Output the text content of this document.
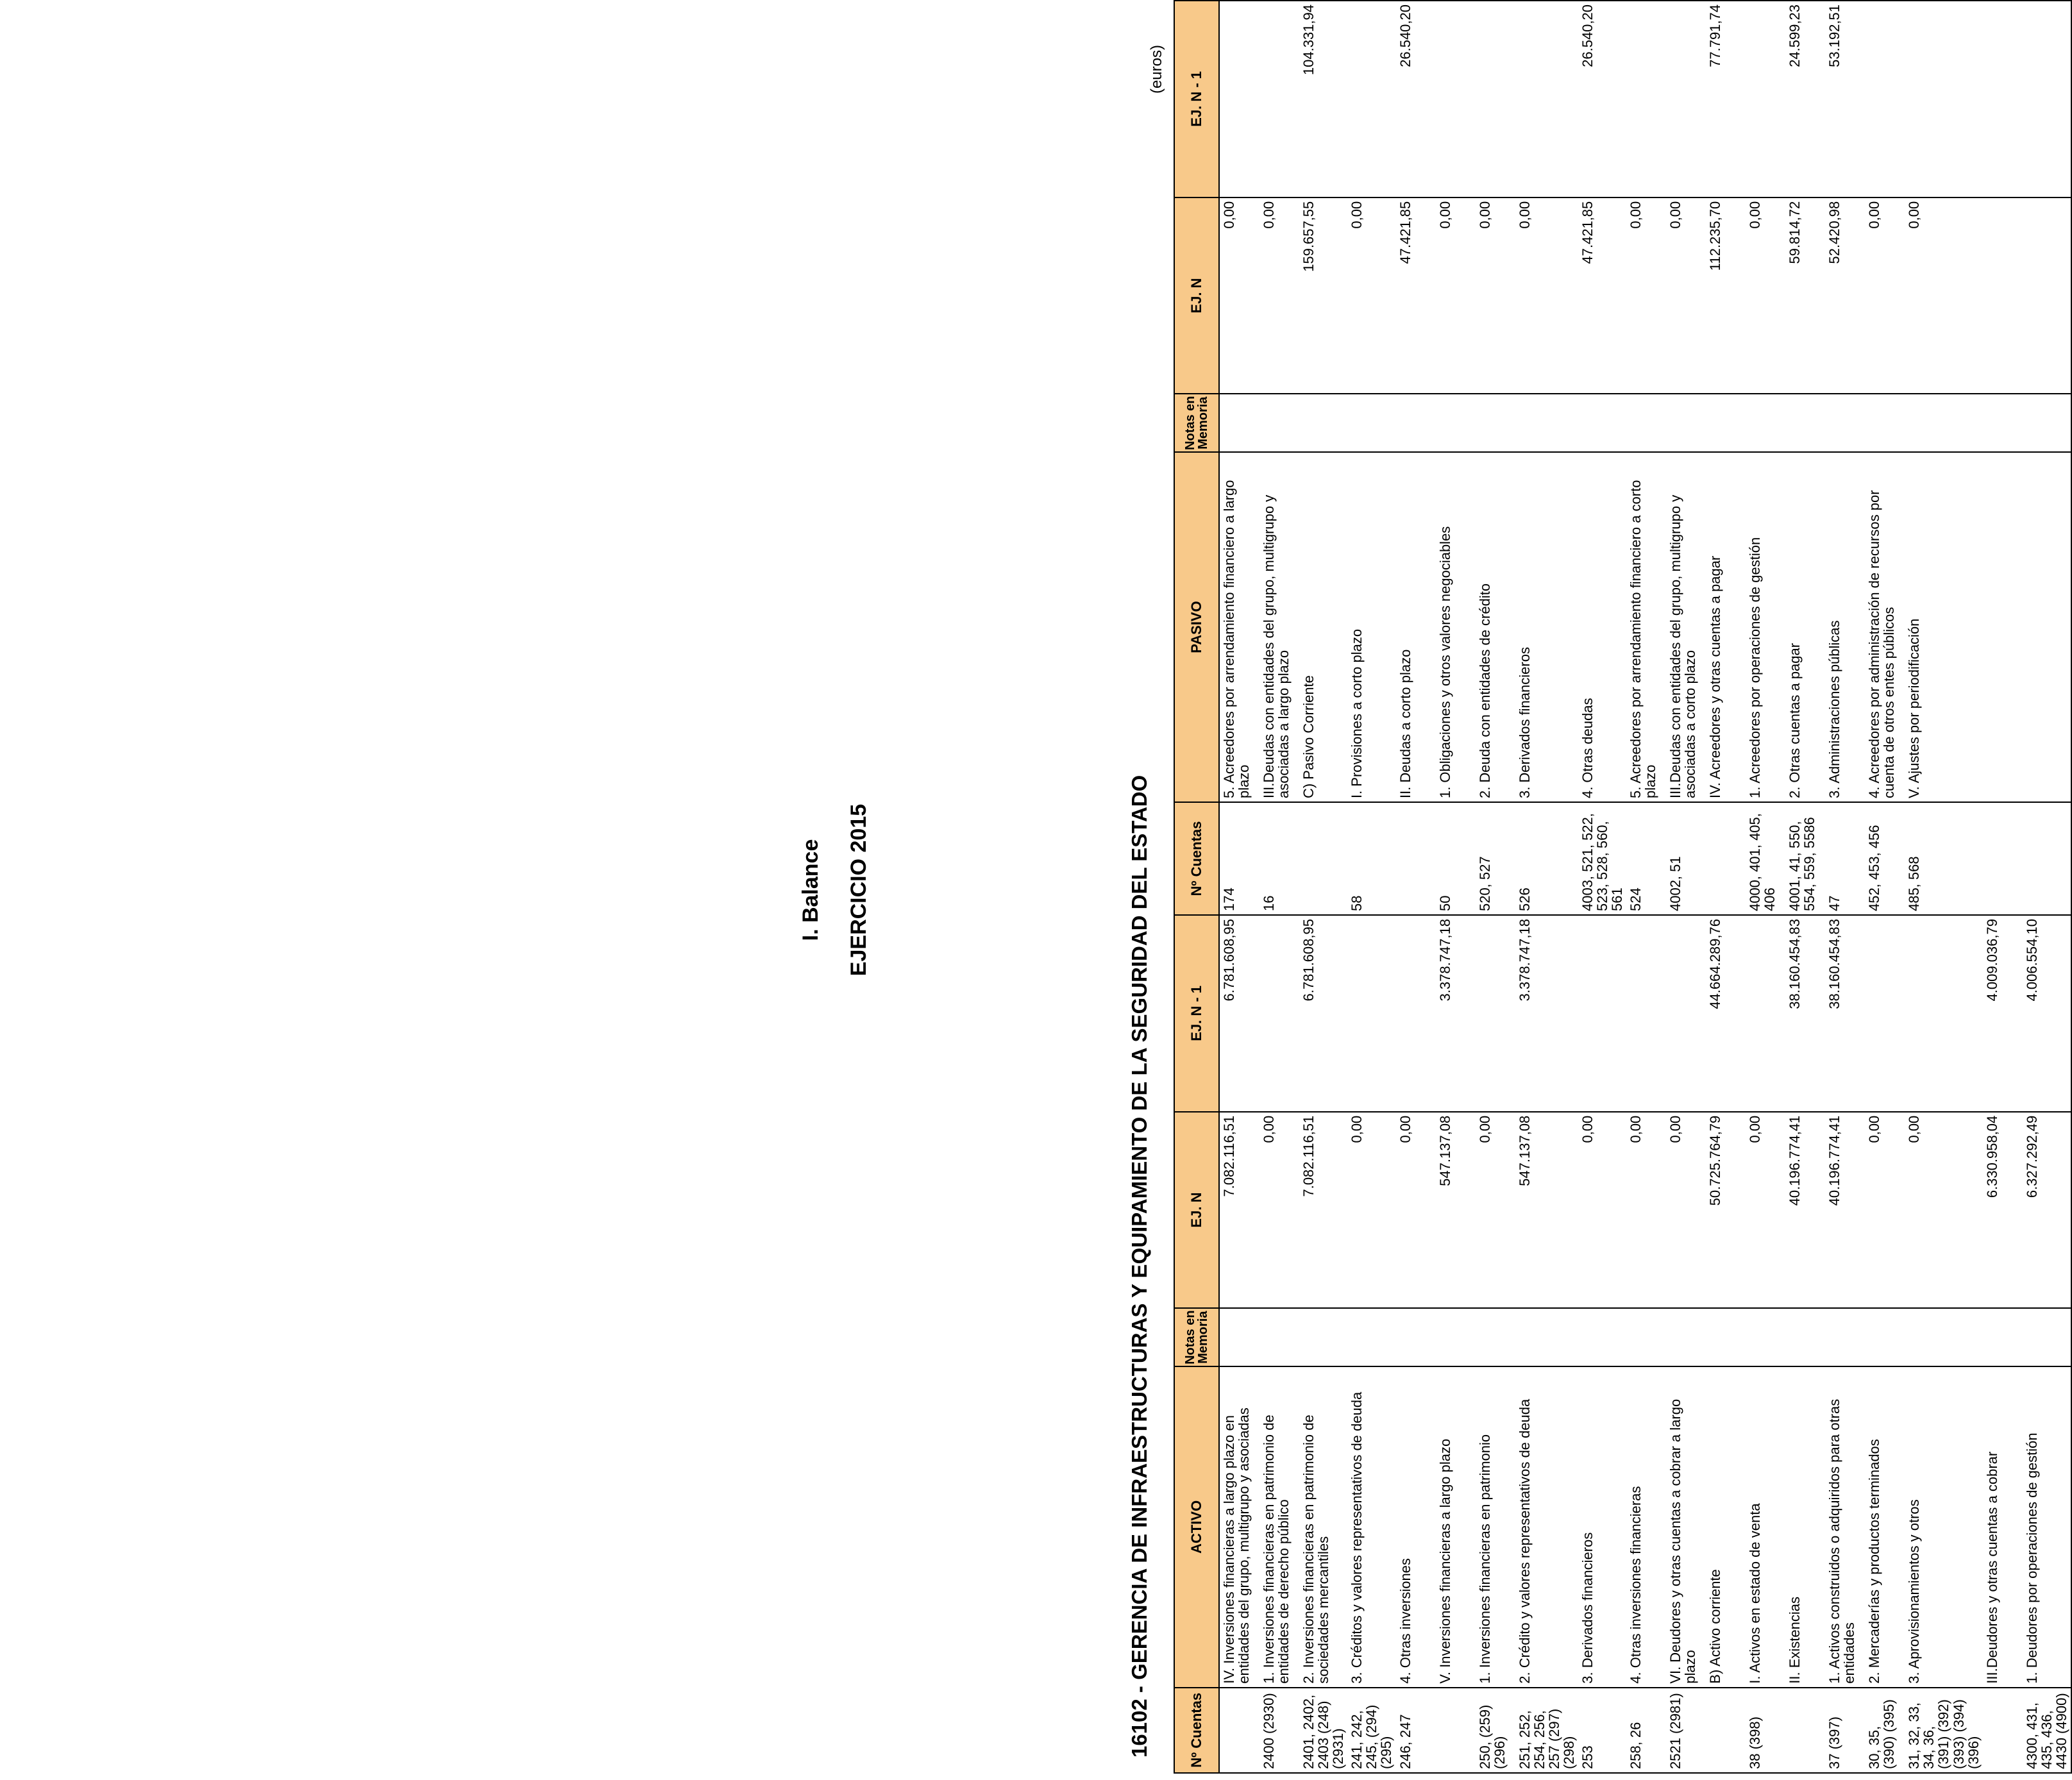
I. Balance EJERCICIO 2015	16102 - GERENCIA DE INFRAESTRUCTURAS Y EQUIPAMIENTO DE LA SEGURIDAD DEL ESTADO
(euros)
Nº Cuentas	ACTIVO	Notas en Memoria	EJ. N	EJ. N - 1	Nº Cuentas	PASIVO	Notas en Memoria	EJ. N	EJ. N - 1
	IV. Inversiones financieras a largo plazo en entidades del grupo, multigrupo y asociadas		7.082.116,51	6.781.608,95	174	5. Acreedores por arrendamiento financiero a largo plazo		0,00	
2400 (2930)	1. Inversiones financieras en patrimonio de entidades de derecho público		0,00		16	III.Deudas con entidades del grupo, multigrupo y asociadas a largo plazo		0,00	
2401, 2402, 2403 (248) (2931)	2. Inversiones financieras en patrimonio de sociedades mercantiles		7.082.116,51	6.781.608,95		C) Pasivo Corriente		159.657,55	104.331,94
241, 242, 245, (294) (295)	3. Créditos y valores representativos de deuda		0,00		58	I. Provisiones a corto plazo		0,00	
246, 247	4. Otras inversiones		0,00			II. Deudas a corto plazo		47.421,85	26.540,20
	V. Inversiones financieras a largo plazo		547.137,08	3.378.747,18	50	1. Obligaciones y otros valores negociables		0,00	
250, (259) (296)	1. Inversiones financieras en patrimonio		0,00		520, 527	2. Deuda con entidades de crédito		0,00	
251, 252, 254, 256, 257 (297) (298)	2. Crédito y valores representativos de deuda		547.137,08	3.378.747,18	526	3. Derivados financieros		0,00	
253	3. Derivados financieros		0,00		4003, 521, 522, 523, 528, 560, 561	4. Otras deudas		47.421,85	26.540,20
258, 26	4. Otras inversiones financieras		0,00		524	5. Acreedores por arrendamiento financiero a corto plazo		0,00	
2521 (2981)	VI. Deudores y otras cuentas a cobrar a largo plazo		0,00		4002, 51	III.Deudas con entidades del grupo, multigrupo y asociadas a corto plazo		0,00	
	B) Activo corriente		50.725.764,79	44.664.289,76		IV. Acreedores y otras cuentas a pagar		112.235,70	77.791,74
38 (398)	I. Activos en estado de venta		0,00		4000, 401, 405, 406	1. Acreedores por operaciones de gestión		0,00	
	II. Existencias		40.196.774,41	38.160.454,83	4001, 41, 550, 554, 559, 5586	2. Otras cuentas a pagar		59.814,72	24.599,23
37 (397)	1. Activos construidos o adquiridos para otras entidades		40.196.774,41	38.160.454,83	47	3. Administraciones públicas		52.420,98	53.192,51
30, 35, (390) (395)	2. Mercaderías y productos terminados		0,00		452, 453, 456	4. Acreedores por administración de recursos por cuenta de otros entes públicos		0,00	
31, 32, 33, 34, 36, (391) (392) (393) (394) (396)	3. Aprovisionamientos y otros		0,00		485, 568	V. Ajustes por periodificación		0,00	
	III.Deudores y otras cuentas a cobrar		6.330.958,04	4.009.036,79					
4300, 431, 435, 436, 4430 (4900)	1. Deudores por operaciones de gestión		6.327.292,49	4.006.554,10					
